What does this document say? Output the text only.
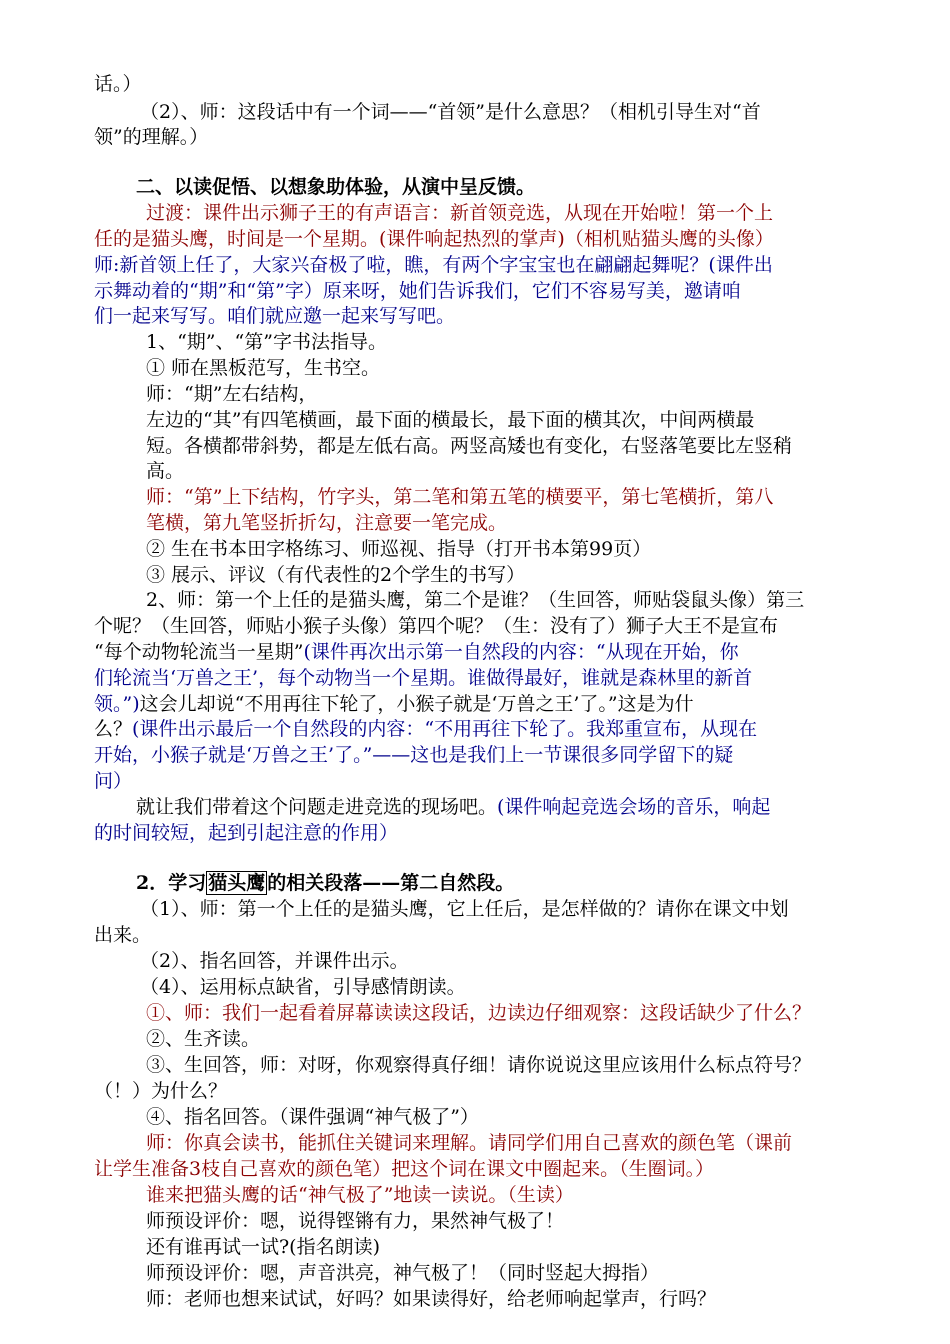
话。）
（2）、师：这段话中有一个词——“首领”是什么意思？（相机引导生对“首
领”的理解。）
二、以读促悟、以想象助体验，从演中呈反馈。
过渡：课件出示狮子王的有声语言：新首领竞选，从现在开始啦！第一个上
任的是猫头鹰，时间是一个星期。(课件响起热烈的掌声)（相机贴猫头鹰的头像）
师:新首领上任了，大家兴奋极了啦，瞧，有两个字宝宝也在翩翩起舞呢？(课件出
示舞动着的“期”和“第”字）原来呀，她们告诉我们，它们不容易写美，邀请咱
们一起来写写。咱们就应邀一起来写写吧。
1、“期”、“第”字书法指导。
① 师在黑板范写，生书空。
师：“期”左右结构，
左边的“其”有四笔横画，最下面的横最长，最下面的横其次，中间两横最
短。各横都带斜势，都是左低右高。两竖高矮也有变化，右竖落笔要比左竖稍
高。
师：“第”上下结构，竹字头，第二笔和第五笔的横要平，第七笔横折，第八
笔横，第九笔竖折折勾，注意要一笔完成。
② 生在书本田字格练习、师巡视、指导（打开书本第99页）
③ 展示、评议（有代表性的2个学生的书写）
2、师：第一个上任的是猫头鹰，第二个是谁？（生回答，师贴袋鼠头像）第三
个呢？（生回答，师贴小猴子头像）第四个呢？（生：没有了）狮子大王不是宣布
“每个动物轮流当一星期”(课件再次出示第一自然段的内容：“从现在开始，你
们轮流当‘万兽之王’，每个动物当一个星期。谁做得最好，谁就是森林里的新首
领。”)这会儿却说“不用再往下轮了，小猴子就是‘万兽之王’了。”这是为什
么？(课件出示最后一个自然段的内容：“不用再往下轮了。我郑重宣布，从现在
开始，小猴子就是‘万兽之王’了。”——这也是我们上一节课很多同学留下的疑
问）
就让我们带着这个问题走进竞选的现场吧。(课件响起竞选会场的音乐，响起
的时间较短，起到引起注意的作用）
2．学习 猫头鹰 的相关段落——第二自然段。
（1）、师：第一个上任的是猫头鹰，它上任后，是怎样做的？请你在课文中划
出来。
（2）、指名回答，并课件出示。
（4）、运用标点缺省，引导感情朗读。
①、师：我们一起看着屏幕读读这段话，边读边仔细观察：这段话缺少了什么？
②、生齐读。
③、生回答，师：对呀，你观察得真仔细！请你说说这里应该用什么标点符号？
（！）为什么？
④、指名回答。（课件强调“神气极了”）
师：你真会读书，能抓住关键词来理解。请同学们用自己喜欢的颜色笔（课前
让学生准备3枝自己喜欢的颜色笔）把这个词在课文中圈起来。（生圈词。）
谁来把猫头鹰的话“神气极了”地读一读说。（生读）
师预设评价：嗯，说得铿锵有力，果然神气极了！
还有谁再试一试?(指名朗读)
师预设评价：嗯，声音洪亮，神气极了！（同时竖起大拇指）
师：老师也想来试试，好吗？如果读得好，给老师响起掌声，行吗？
